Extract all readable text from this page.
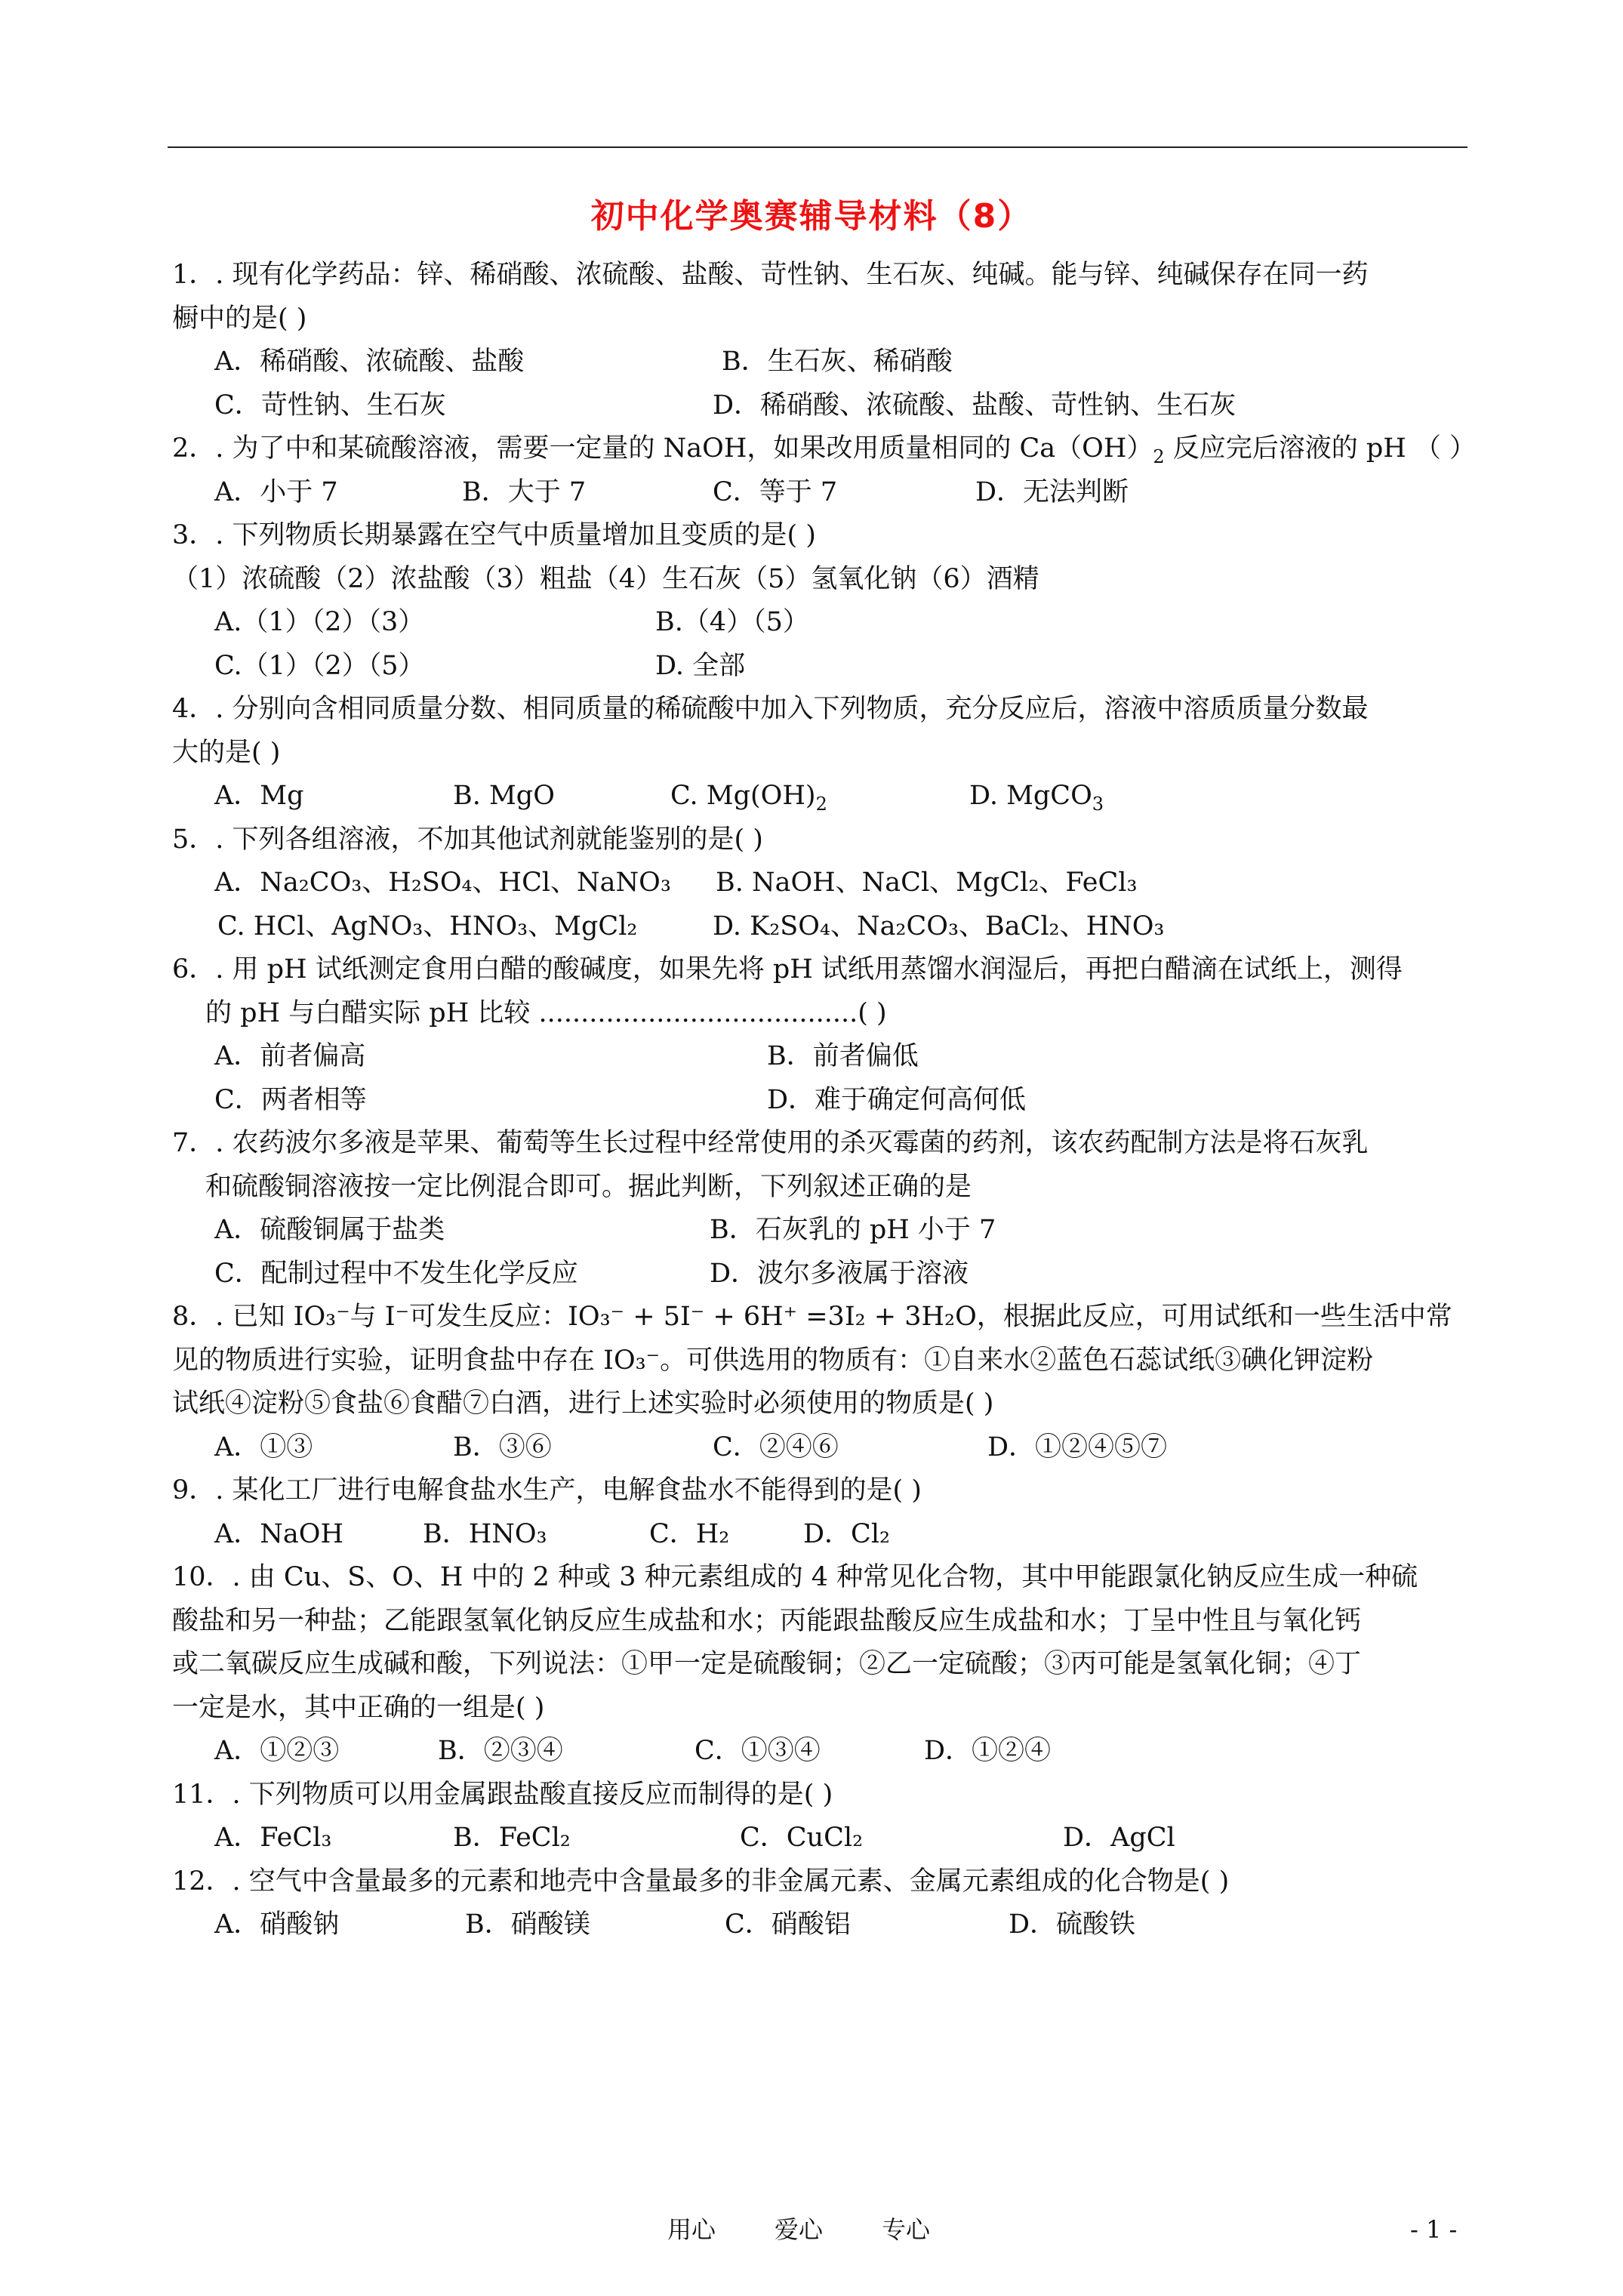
初中化学奥赛辅导材料（8）
1．. 现有化学药品：锌、稀硝酸、浓硫酸、盐酸、苛性钠、生石灰、纯碱。能与锌、纯碱保存在同一药
橱中的是( )
A．稀硝酸、浓硫酸、盐酸	B．生石灰、稀硝酸
C．苛性钠、生石灰	D．稀硝酸、浓硫酸、盐酸、苛性钠、生石灰
2．. 为了中和某硫酸溶液，需要一定量的 NaOH，如果改用质量相同的 $Ca(OH)_2$ 反应完后溶液的 pH （ ）
A．小于 7	B．大于 7	C．等于 7	D．无法判断
3．. 下列物质长期暴露在空气中质量增加且变质的是( )
（1）浓硫酸（2）浓盐酸（3）粗盐（4）生石灰（5）氢氧化钠（6）酒精
A.（1）（2）（3）	B.（4）（5）
C.（1）（2）（5）	D. 全部
4．. 分别向含相同质量分数、相同质量的稀硫酸中加入下列物质，充分反应后，溶液中溶质质量分数最
大的是( )
A．Mg	B. MgO	C. $Mg(OH)_2$	D. MgCO$_3$
5．. 下列各组溶液，不加其他试剂就能鉴别的是( )
A．Na₂CO₃、H₂SO₄、HCl、NaNO₃ B. NaOH、NaCl、MgCl₂、FeCl₃
C. HCl、AgNO₃、HNO₃、MgCl₂	D. K₂SO₄、Na₂CO₃、BaCl₂、HNO₃
6．. 用 pH 试纸测定食用白醋的酸碱度，如果先将 pH 试纸用蒸馏水润湿后，再把白醋滴在试纸上，测得
的 pH 与白醋实际 pH 比较 ......................................( )
A．前者偏高	B．前者偏低
C．两者相等	D．难于确定何高何低
7．. 农药波尔多液是苹果、葡萄等生长过程中经常使用的杀灭霉菌的药剂，该农药配制方法是将石灰乳
和硫酸铜溶液按一定比例混合即可。据此判断，下列叙述正确的是
A．硫酸铜属于盐类	B．石灰乳的 pH 小于 7
C．配制过程中不发生化学反应	D．波尔多液属于溶液
8．. 已知 IO₃⁻与 I⁻可发生反应：IO₃⁻ + 5I⁻ + 6H⁺ =3I₂ + 3H₂O，根据此反应，可用试纸和一些生活中常
见的物质进行实验，证明食盐中存在 IO₃⁻。可供选用的物质有：①自来水②蓝色石蕊试纸③碘化钾淀粉
试纸④淀粉⑤食盐⑥食醋⑦白酒，进行上述实验时必须使用的物质是( )
A．①③	B．③⑥	C．②④⑥	D．①②④⑤⑦
9．. 某化工厂进行电解食盐水生产，电解食盐水不能得到的是( )
A．NaOH	B．HNO₃	C．H₂	D．Cl₂
10．. 由 Cu、S、O、H 中的 2 种或 3 种元素组成的 4 种常见化合物，其中甲能跟氯化钠反应生成一种硫
酸盐和另一种盐；乙能跟氢氧化钠反应生成盐和水；丙能跟盐酸反应生成盐和水；丁呈中性且与氧化钙
或二氧碳反应生成碱和酸，下列说法：①甲一定是硫酸铜；②乙一定硫酸；③丙可能是氢氧化铜；④丁
一定是水，其中正确的一组是( )
A．①②③	B．②③④	C．①③④	D．①②④
11．. 下列物质可以用金属跟盐酸直接反应而制得的是( )
A．FeCl₃	B．FeCl₂	C．CuCl₂	D．AgCl
12．. 空气中含量最多的元素和地壳中含量最多的非金属元素、金属元素组成的化合物是( )
A．硝酸钠	B．硝酸镁	C．硝酸铝	D．硫酸铁
用心 爱心 专心	- 1 -
